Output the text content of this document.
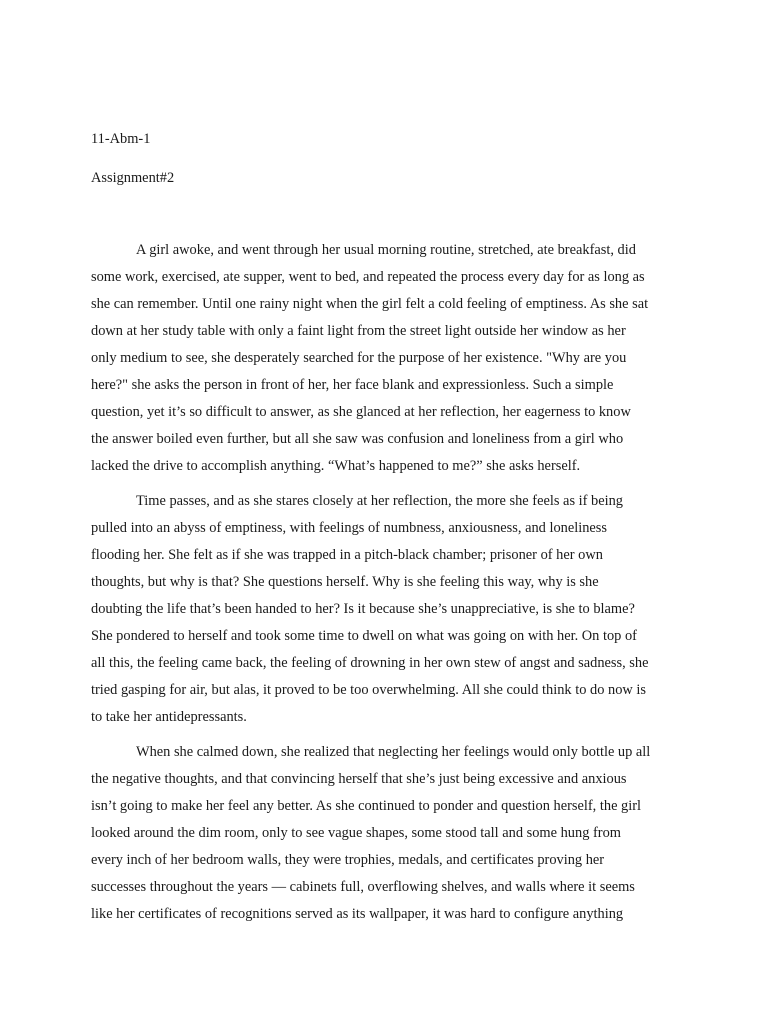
11-Abm-1

Assignment#2

A girl awoke, and went through her usual morning routine, stretched, ate breakfast, did

some work, exercised, ate supper, went to bed, and repeated the process every day for as long as

she can remember. Until one rainy night when the girl felt a cold feeling of emptiness. As she sat

down at her study table with only a faint light from the street light outside her window as her

only medium to see, she desperately searched for the purpose of her existence. "Why are you

here?" she asks the person in front of her, her face blank and expressionless. Such a simple

question, yet it’s so difficult to answer, as she glanced at her reflection, her eagerness to know

the answer boiled even further, but all she saw was confusion and loneliness from a girl who

lacked the drive to accomplish anything. “What’s happened to me?” she asks herself.

Time passes, and as she stares closely at her reflection, the more she feels as if being

pulled into an abyss of emptiness, with feelings of numbness, anxiousness, and loneliness

flooding her. She felt as if she was trapped in a pitch-black chamber; prisoner of her own

thoughts, but why is that? She questions herself. Why is she feeling this way, why is she

doubting the life that’s been handed to her? Is it because she’s unappreciative, is she to blame?

She pondered to herself and took some time to dwell on what was going on with her. On top of

all this, the feeling came back, the feeling of drowning in her own stew of angst and sadness, she

tried gasping for air, but alas, it proved to be too overwhelming. All she could think to do now is

to take her antidepressants.

When she calmed down, she realized that neglecting her feelings would only bottle up all

the negative thoughts, and that convincing herself that she’s just being excessive and anxious

isn’t going to make her feel any better. As she continued to ponder and question herself, the girl

looked around the dim room, only to see vague shapes, some stood tall and some hung from

every inch of her bedroom walls, they were trophies, medals, and certificates proving her

successes throughout the years — cabinets full, overflowing shelves, and walls where it seems

like her certificates of recognitions served as its wallpaper, it was hard to configure anything
